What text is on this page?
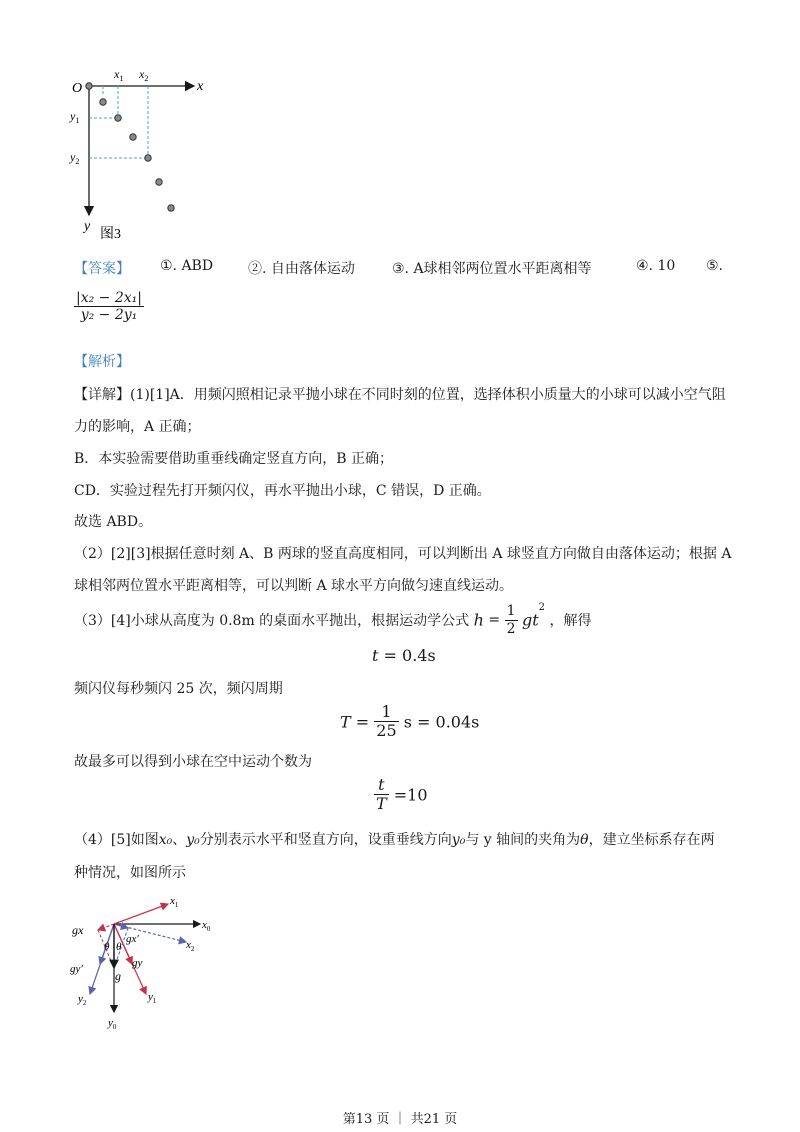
O	x
y
$x_1$ $x_2$
$y_1$
$y_2$
图3
【答案】 ①. ABD ②. 自由落体运动	③. A球相邻两位置水平距离相等	④. 10 ⑤.
$\frac{\text{|x₂ − 2x₁|}}{\text{y₂ − 2y₁}}$
【解析】
【详解】(1)[1]A．用频闪照相记录平抛小球在不同时刻的位置，选择体积小质量大的小球可以减小空气阻
力的影响，A 正确；
B．本实验需要借助重垂线确定竖直方向，B 正确；
CD．实验过程先打开频闪仪，再水平抛出小球，C 错误，D 正确。
故选 ABD。
（2）[2][3]根据任意时刻 A、B 两球的竖直高度相同，可以判断出 A 球竖直方向做自由落体运动；根据 A
球相邻两位置水平距离相等，可以判断 A 球水平方向做匀速直线运动。
（3）[4]小球从高度为 0.8m 的桌面水平抛出，根据运动学公式 $h = \frac{1}{2} gt^2$ ，解得
t = 0.4s
频闪仪每秒频闪 25 次，频闪周期
$T = \frac{1}{25}$ s = 0.04s
故最多可以得到小球在空中运动个数为
$\frac{t}{T} =10$
（4）[5]如图x₀、y₀分别表示水平和竖直方向，设重垂线方向y₀与 y 轴间的夹角为θ，建立坐标系存在两
种情况，如图所示
$x_1$
$x_0$
$x_2$
gx
gx′
θ θ
gy
gy′	g
$y_1$
$y_2$
$y_0$
第13 页 ｜ 共21 页
